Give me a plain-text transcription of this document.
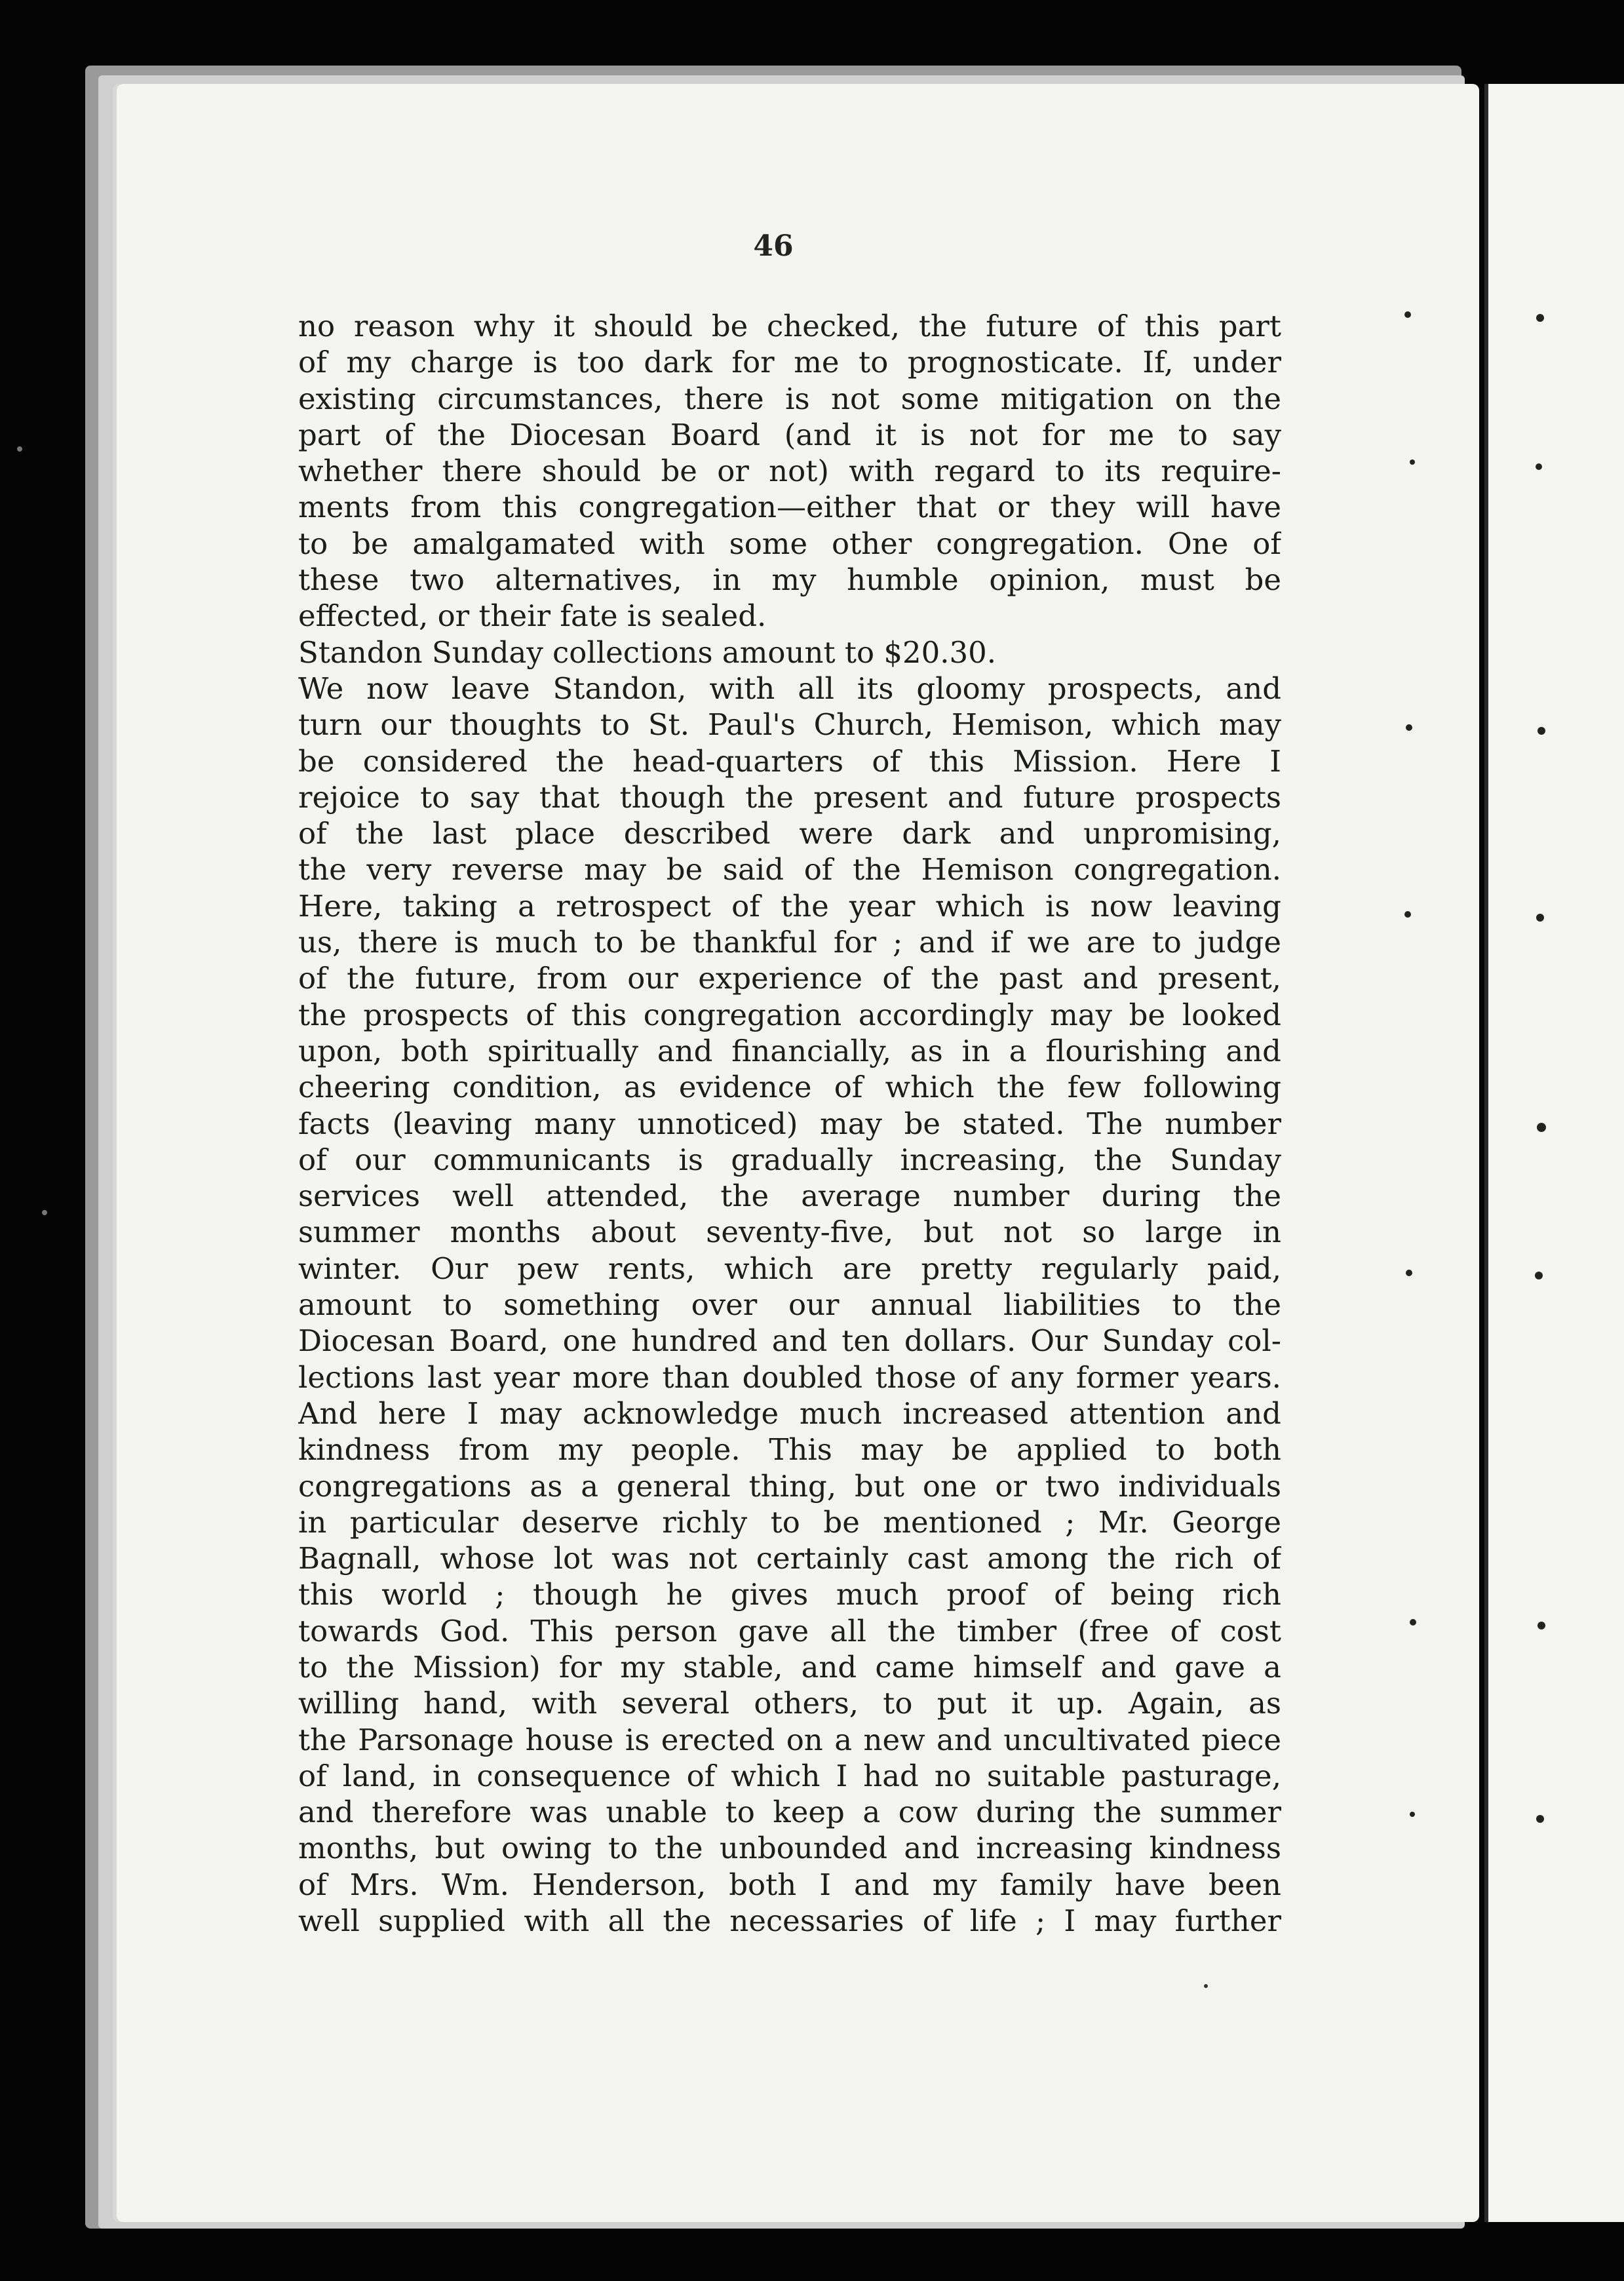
46

no reason why it should be checked, the future of this part
of my charge is too dark for me to prognosticate. If, under
existing circumstances, there is not some mitigation on the
part of the Diocesan Board (and it is not for me to say
whether there should be or not) with regard to its require-
ments from this congregation—either that or they will have
to be amalgamated with some other congregation. One of
these two alternatives, in my humble opinion, must be
effected, or their fate is sealed.
Standon Sunday collections amount to $20.30.
We now leave Standon, with all its gloomy prospects, and
turn our thoughts to St. Paul's Church, Hemison, which may
be considered the head-quarters of this Mission. Here I
rejoice to say that though the present and future prospects
of the last place described were dark and unpromising,
the very reverse may be said of the Hemison congregation.
Here, taking a retrospect of the year which is now leaving
us, there is much to be thankful for ; and if we are to judge
of the future, from our experience of the past and present,
the prospects of this congregation accordingly may be looked
upon, both spiritually and financially, as in a flourishing and
cheering condition, as evidence of which the few following
facts (leaving many unnoticed) may be stated. The number
of our communicants is gradually increasing, the Sunday
services well attended, the average number during the
summer months about seventy-five, but not so large in
winter. Our pew rents, which are pretty regularly paid,
amount to something over our annual liabilities to the
Diocesan Board, one hundred and ten dollars. Our Sunday col-
lections last year more than doubled those of any former years.
And here I may acknowledge much increased attention and
kindness from my people. This may be applied to both
congregations as a general thing, but one or two individuals
in particular deserve richly to be mentioned ; Mr. George
Bagnall, whose lot was not certainly cast among the rich of
this world ; though he gives much proof of being rich
towards God. This person gave all the timber (free of cost
to the Mission) for my stable, and came himself and gave a
willing hand, with several others, to put it up. Again, as
the Parsonage house is erected on a new and uncultivated piece
of land, in consequence of which I had no suitable pasturage,
and therefore was unable to keep a cow during the summer
months, but owing to the unbounded and increasing kindness
of Mrs. Wm. Henderson, both I and my family have been
well supplied with all the necessaries of life ; I may further
